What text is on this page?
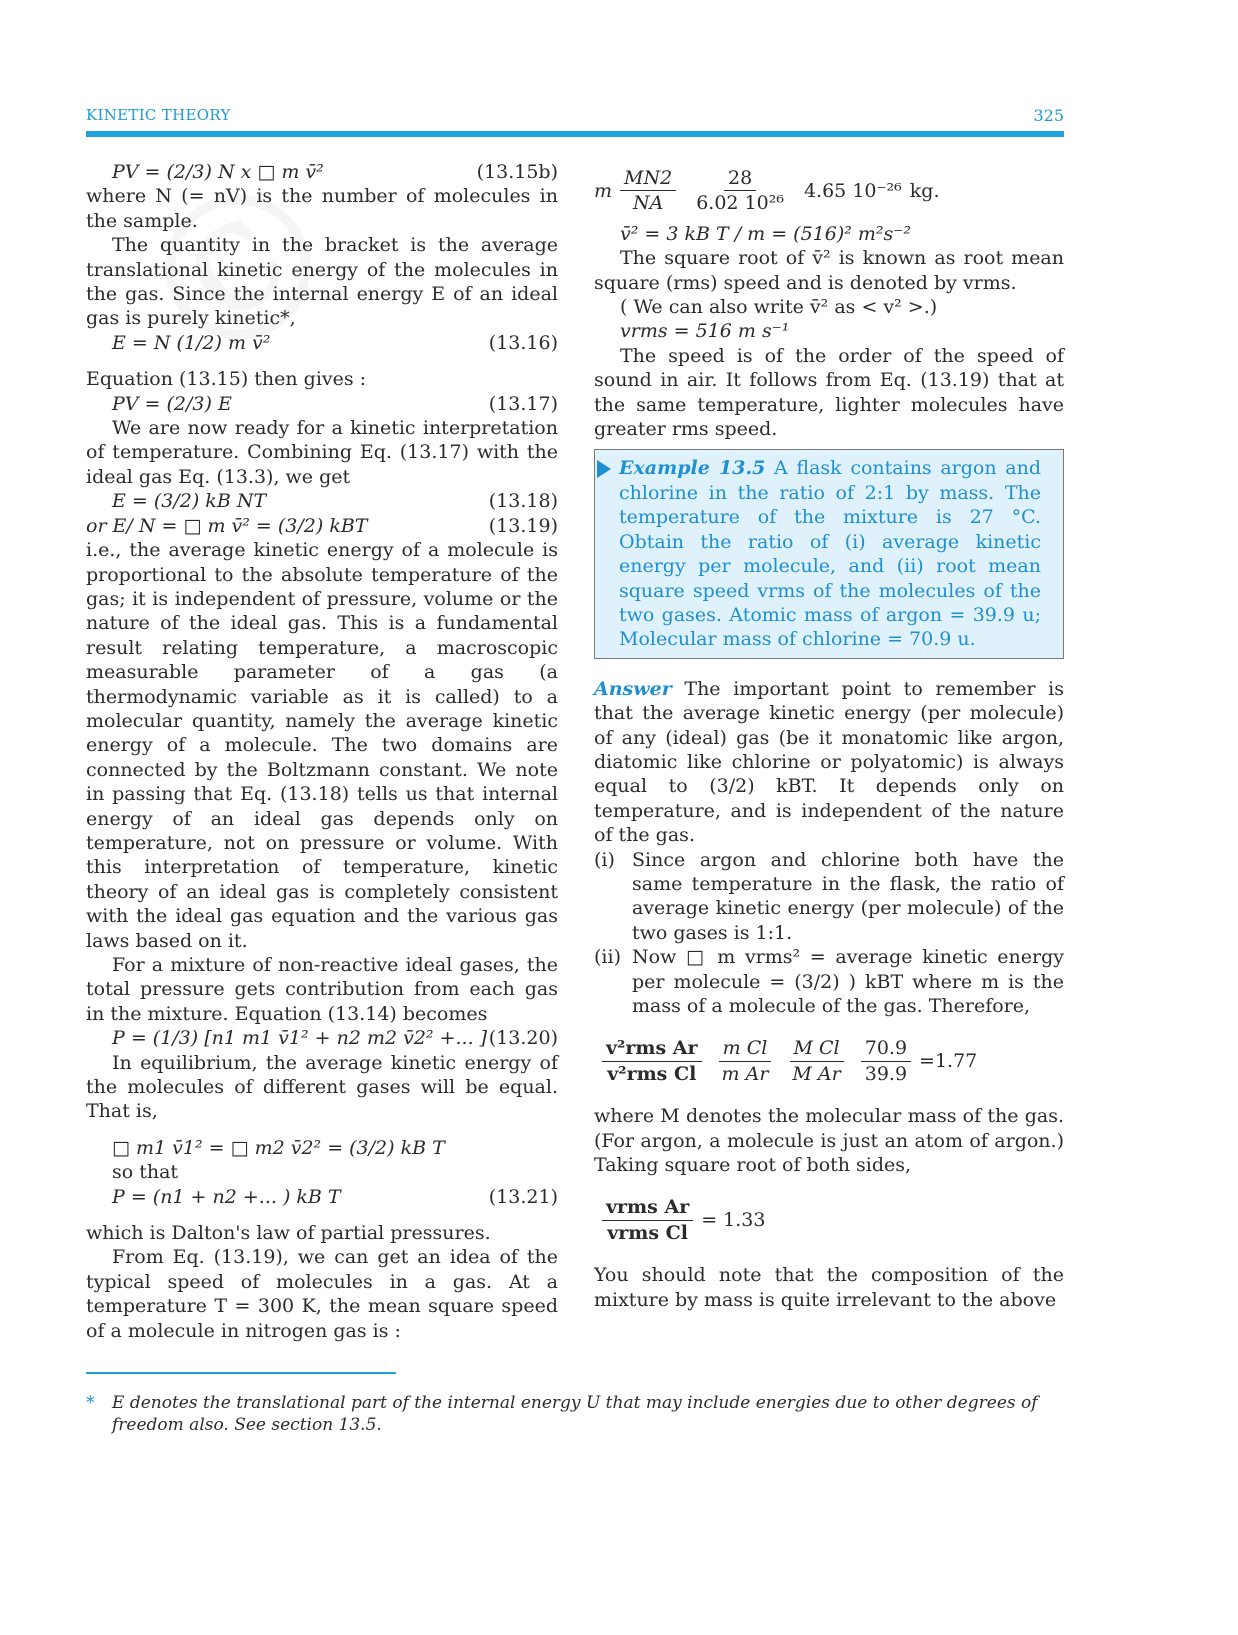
KINETIC THEORY	325
PV = (2/3) N x □ m v̄²	(13.15b)

where N (= nV) is the number of molecules in the sample.

The quantity in the bracket is the average translational kinetic energy of the molecules in the gas. Since the internal energy E of an ideal gas is purely kinetic*,

E = N (1/2) m v̄²	(13.16)

Equation (13.15) then gives :

PV = (2/3) E	(13.17)

We are now ready for a kinetic interpretation of temperature. Combining Eq. (13.17) with the ideal gas Eq. (13.3), we get

E = (3/2) kB NT	(13.18)
or E/ N = □ m v̄² = (3/2) kBT	(13.19)

i.e., the average kinetic energy of a molecule is proportional to the absolute temperature of the gas; it is independent of pressure, volume or the nature of the ideal gas. This is a fundamental result relating temperature, a macroscopic measurable parameter of a gas (a thermodynamic variable as it is called) to a molecular quantity, namely the average kinetic energy of a molecule. The two domains are connected by the Boltzmann constant. We note in passing that Eq. (13.18) tells us that internal energy of an ideal gas depends only on temperature, not on pressure or volume. With this interpretation of temperature, kinetic theory of an ideal gas is completely consistent with the ideal gas equation and the various gas laws based on it.

For a mixture of non-reactive ideal gases, the total pressure gets contribution from each gas in the mixture. Equation (13.14) becomes

P = (1/3) [n1 m1 v̄1² + n2 m2 v̄2² +... ] (13.20)

In equilibrium, the average kinetic energy of the molecules of different gases will be equal. That is,

□ m1 v̄1² = □ m2 v̄2² = (3/2) kB T
so that
P = (n1 + n2 +... ) kB T	(13.21)

which is Dalton's law of partial pressures.

From Eq. (13.19), we can get an idea of the typical speed of molecules in a gas. At a temperature T = 300 K, the mean square speed of a molecule in nitrogen gas is :

m $\frac{MN2}{NA} \frac{28}{\text{6.02 10²⁶}} 4.65$ 10⁻²⁶ kg.
v̄² = 3 kB T / m = (516)² m²s⁻²

The square root of v̄² is known as root mean square (rms) speed and is denoted by vrms.

( We can also write v̄² as < v² >.)

vrms = 516 m s⁻¹

The speed is of the order of the speed of sound in air. It follows from Eq. (13.19) that at the same temperature, lighter molecules have greater rms speed.

Example 13.5 A flask contains argon and chlorine in the ratio of 2:1 by mass. The temperature of the mixture is 27 °C. Obtain the ratio of (i) average kinetic energy per molecule, and (ii) root mean square speed vrms of the molecules of the two gases. Atomic mass of argon = 39.9 u; Molecular mass of chlorine = 70.9 u.

Answer The important point to remember is that the average kinetic energy (per molecule) of any (ideal) gas (be it monatomic like argon, diatomic like chlorine or polyatomic) is always equal to (3/2) kBT. It depends only on temperature, and is independent of the nature of the gas.

(i) Since argon and chlorine both have the same temperature in the flask, the ratio of average kinetic energy (per molecule) of the two gases is 1:1.
(ii) Now □ m vrms² = average kinetic energy per molecule = (3/2) ) kBT where m is the mass of a molecule of the gas. Therefore,
$\frac{\text{v²rms Ar}}{\text{v²rms Cl}} \frac{\text{m Cl}}{\text{m Ar}} \frac{\text{M Cl}}{\text{M Ar}} \frac{70.9}{39.9} =1.77$

where M denotes the molecular mass of the gas. (For argon, a molecule is just an atom of argon.) Taking square root of both sides,

$\frac{\text{vrms Ar}}{\text{vrms Cl}} = 1.33$

You should note that the composition of the mixture by mass is quite irrelevant to the above

*	E denotes the translational part of the internal energy U that may include energies due to other degrees of freedom also. See section 13.5.
